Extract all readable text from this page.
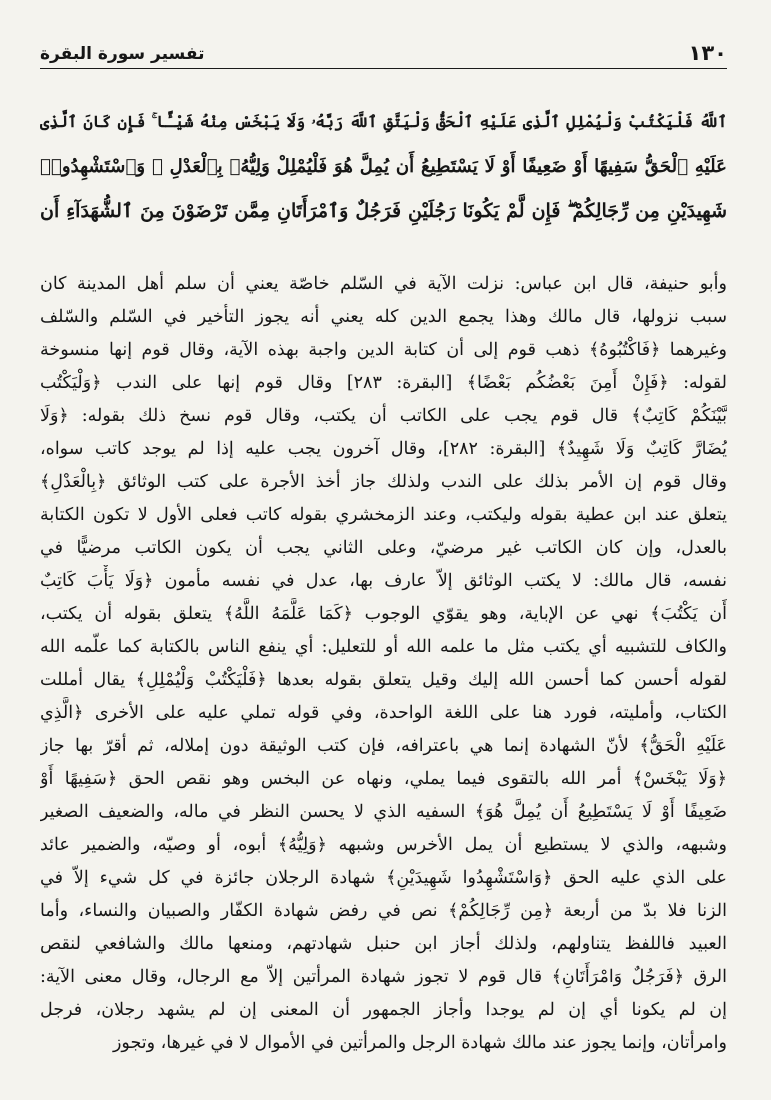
١٣٠
تفسير سورة البقرة
ٱللَّهُ فَلْيَكْتُبْ وَلْيُمْلِلِ ٱلَّذِى عَلَيْهِ ٱلْحَقُّ وَلْيَتَّقِ ٱللَّهَ رَبَّهُۥ وَلَا يَبْخَسْ مِنْهُ شَيْـًٔا ۚ فَإِن كَانَ ٱلَّذِى
عَلَيْهِ ٱلْحَقُّ سَفِيهًا أَوْ ضَعِيفًا أَوْ لَا يَسْتَطِيعُ أَن يُمِلَّ هُوَ فَلْيُمْلِلْ وَلِيُّهُۥ بِٱلْعَدْلِ ۚ وَٱسْتَشْهِدُوا۟
شَهِيدَيْنِ مِن رِّجَالِكُمْ ۖ فَإِن لَّمْ يَكُونَا رَجُلَيْنِ فَرَجُلٌ وَٱمْرَأَتَانِ مِمَّن تَرْضَوْنَ مِنَ ٱلشُّهَدَآءِ أَن
وأبو حنيفة، قال ابن عباس: نزلت الآية في السّلم خاصّة يعني أن سلم أهل المدينة كان
سبب نزولها، قال مالك وهذا يجمع الدين كله يعني أنه يجوز التأخير في السّلم والسّلف
وغيرهما ﴿فَاكْتُبُوهُ﴾ ذهب قوم إلى أن كتابة الدين واجبة بهذه الآية، وقال قوم إنها منسوخة
لقوله: ﴿فَإِنْ أَمِنَ بَعْضُكُم بَعْضًا﴾ [البقرة: ٢٨٣] وقال قوم إنها على الندب ﴿وَلْيَكْتُب
بَّيْنَكُمْ كَاتِبٌ﴾ قال قوم يجب على الكاتب أن يكتب، وقال قوم نسخ ذلك بقوله: ﴿وَلَا
يُضَارَّ كَاتِبٌ وَلَا شَهِيدٌ﴾ [البقرة: ٢٨٢]، وقال آخرون يجب عليه إذا لم يوجد كاتب سواه،
وقال قوم إن الأمر بذلك على الندب ولذلك جاز أخذ الأجرة على كتب الوثائق ﴿بِالْعَدْلِ﴾
يتعلق عند ابن عطية بقوله وليكتب، وعند الزمخشري بقوله كاتب فعلى الأول لا تكون الكتابة
بالعدل، وإن كان الكاتب غير مرضيّ، وعلى الثاني يجب أن يكون الكاتب مرضيًّا في
نفسه، قال مالك: لا يكتب الوثائق إلاّ عارف بها، عدل في نفسه مأمون ﴿وَلَا يَأْبَ كَاتِبٌ
أَن يَكْتُبَ﴾ نهي عن الإباية، وهو يقوّي الوجوب ﴿كَمَا عَلَّمَهُ اللَّهُ﴾ يتعلق بقوله أن يكتب،
والكاف للتشبيه أي يكتب مثل ما علمه الله أو للتعليل: أي ينفع الناس بالكتابة كما علّمه الله
لقوله أحسن كما أحسن الله إليك وقيل يتعلق بقوله بعدها ﴿فَلْيَكْتُبْ وَلْيُمْلِلِ﴾ يقال أمللت
الكتاب، وأمليته، فورد هنا على اللغة الواحدة، وفي قوله تملي عليه على الأخرى ﴿الَّذِي
عَلَيْهِ الْحَقُّ﴾ لأنّ الشهادة إنما هي باعترافه، فإن كتب الوثيقة دون إملاله، ثم أقرّ بها جاز
﴿وَلَا يَبْخَسْ﴾ أمر الله بالتقوى فيما يملي، ونهاه عن البخس وهو نقص الحق ﴿سَفِيهًا أَوْ
ضَعِيفًا أَوْ لَا يَسْتَطِيعُ أَن يُمِلَّ هُوَ﴾ السفيه الذي لا يحسن النظر في ماله، والضعيف الصغير
وشبهه، والذي لا يستطيع أن يمل الأخرس وشبهه ﴿وَلِيُّهُ﴾ أبوه، أو وصيّه، والضمير عائد
على الذي عليه الحق ﴿وَاسْتَشْهِدُوا شَهِيدَيْنِ﴾ شهادة الرجلان جائزة في كل شيء إلاّ في
الزنا فلا بدّ من أربعة ﴿مِن رِّجَالِكُمْ﴾ نص في رفض شهادة الكفّار والصبيان والنساء، وأما
العبيد فاللفظ يتناولهم، ولذلك أجاز ابن حنبل شهادتهم، ومنعها مالك والشافعي لنقص
الرق ﴿فَرَجُلٌ وَامْرَأَتَانِ﴾ قال قوم لا تجوز شهادة المرأتين إلاّ مع الرجال، وقال معنى الآية:
إن لم يكونا أي إن لم يوجدا وأجاز الجمهور أن المعنى إن لم يشهد رجلان، فرجل
وامرأتان، وإنما يجوز عند مالك شهادة الرجل والمرأتين في الأموال لا في غيرها، وتجوز
